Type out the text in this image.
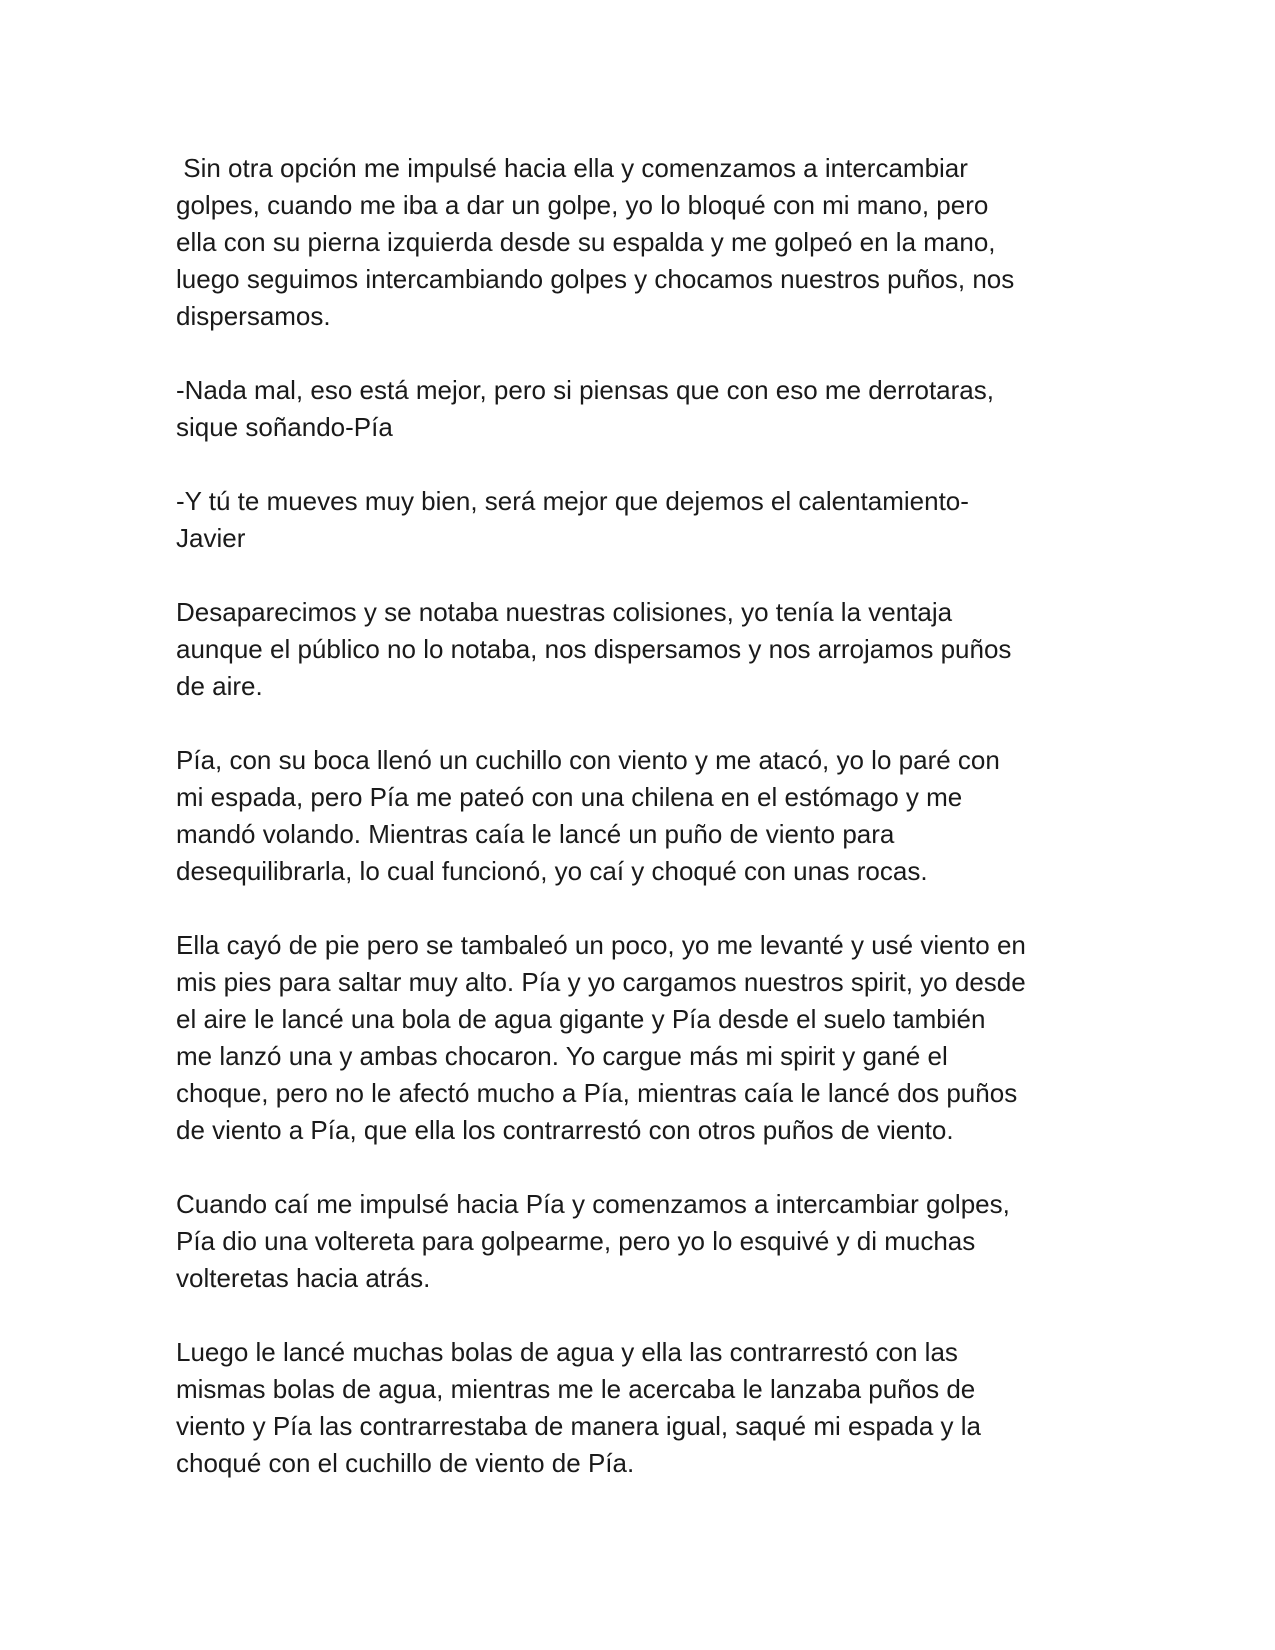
Sin otra opción me impulsé hacia ella y comenzamos a intercambiar
golpes, cuando me iba a dar un golpe, yo lo bloqué con mi mano, pero
ella con su pierna izquierda desde su espalda y me golpeó en la mano,
luego seguimos intercambiando golpes y chocamos nuestros puños, nos
dispersamos.

-Nada mal, eso está mejor, pero si piensas que con eso me derrotaras,
sique soñando-Pía

-Y tú te mueves muy bien, será mejor que dejemos el calentamiento-
Javier

Desaparecimos y se notaba nuestras colisiones, yo tenía la ventaja
aunque el público no lo notaba, nos dispersamos y nos arrojamos puños
de aire.

Pía, con su boca llenó un cuchillo con viento y me atacó, yo lo paré con
mi espada, pero Pía me pateó con una chilena en el estómago y me
mandó volando. Mientras caía le lancé un puño de viento para
desequilibrarla, lo cual funcionó, yo caí y choqué con unas rocas.

Ella cayó de pie pero se tambaleó un poco, yo me levanté y usé viento en
mis pies para saltar muy alto. Pía y yo cargamos nuestros spirit, yo desde
el aire le lancé una bola de agua gigante y Pía desde el suelo también
me lanzó una y ambas chocaron. Yo cargue más mi spirit y gané el
choque, pero no le afectó mucho a Pía, mientras caía le lancé dos puños
de viento a Pía, que ella los contrarrestó con otros puños de viento.

Cuando caí me impulsé hacia Pía y comenzamos a intercambiar golpes,
Pía dio una voltereta para golpearme, pero yo lo esquivé y di muchas
volteretas hacia atrás.

Luego le lancé muchas bolas de agua y ella las contrarrestó con las
mismas bolas de agua, mientras me le acercaba le lanzaba puños de
viento y Pía las contrarrestaba de manera igual, saqué mi espada y la
choqué con el cuchillo de viento de Pía.
